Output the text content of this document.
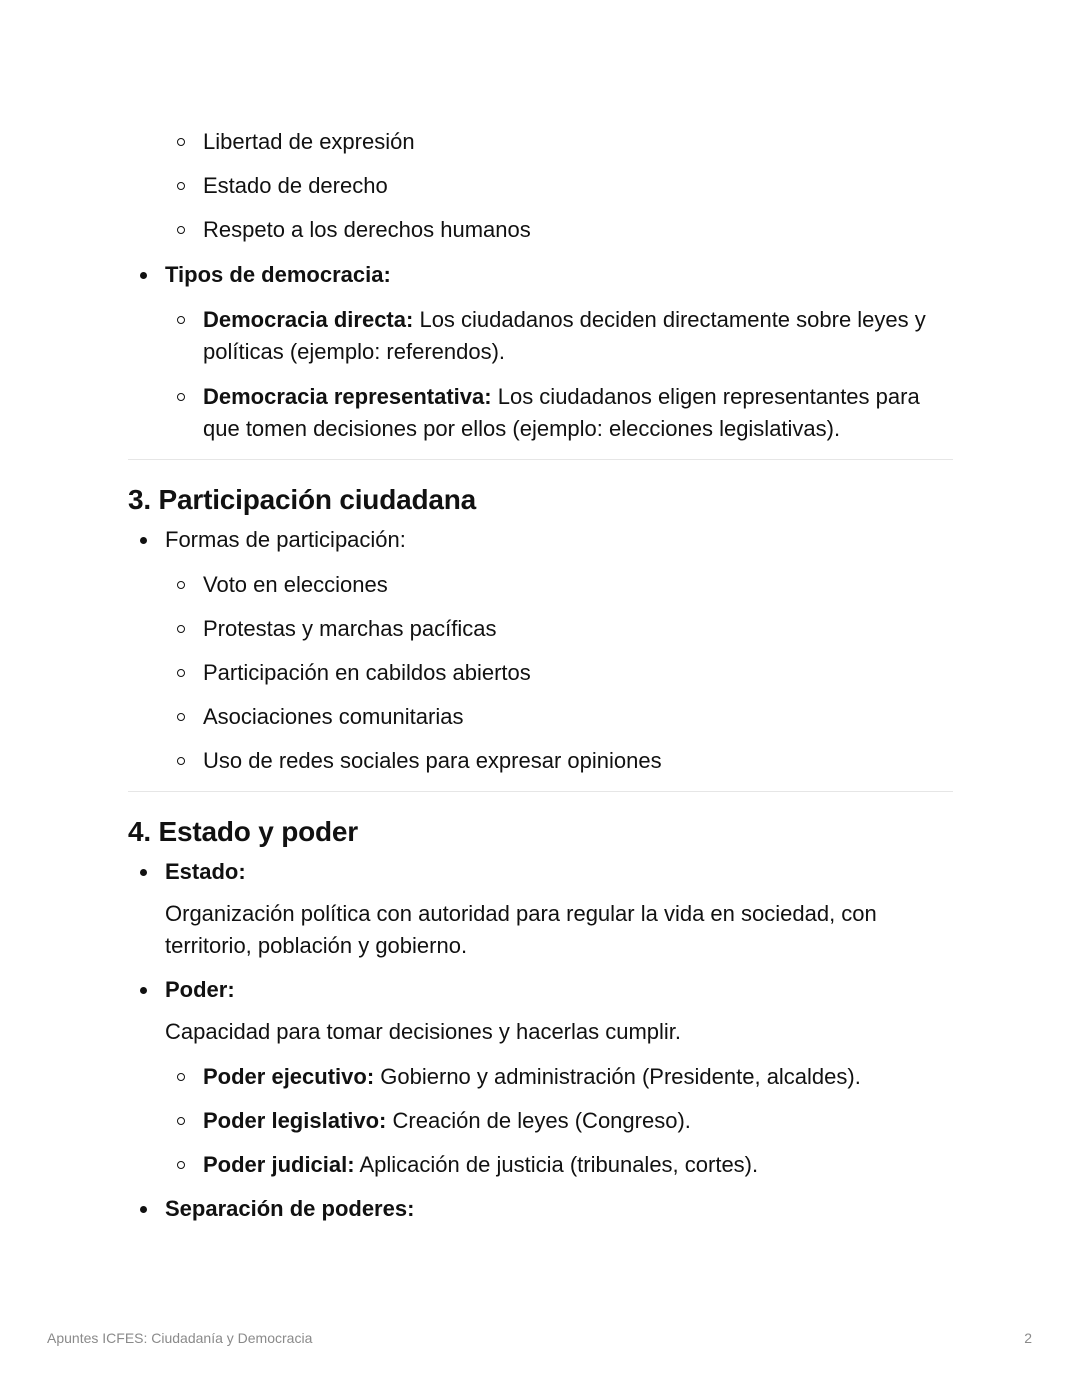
Libertad de expresión
Estado de derecho
Respeto a los derechos humanos
Tipos de democracia:
Democracia directa: Los ciudadanos deciden directamente sobre leyes y políticas (ejemplo: referendos).
Democracia representativa: Los ciudadanos eligen representantes para que tomen decisiones por ellos (ejemplo: elecciones legislativas).
3. Participación ciudadana
Formas de participación:
Voto en elecciones
Protestas y marchas pacíficas
Participación en cabildos abiertos
Asociaciones comunitarias
Uso de redes sociales para expresar opiniones
4. Estado y poder
Estado:
Organización política con autoridad para regular la vida en sociedad, con territorio, población y gobierno.
Poder:
Capacidad para tomar decisiones y hacerlas cumplir.
Poder ejecutivo: Gobierno y administración (Presidente, alcaldes).
Poder legislativo: Creación de leyes (Congreso).
Poder judicial: Aplicación de justicia (tribunales, cortes).
Separación de poderes:
Apuntes ICFES: Ciudadanía y Democracia	2
